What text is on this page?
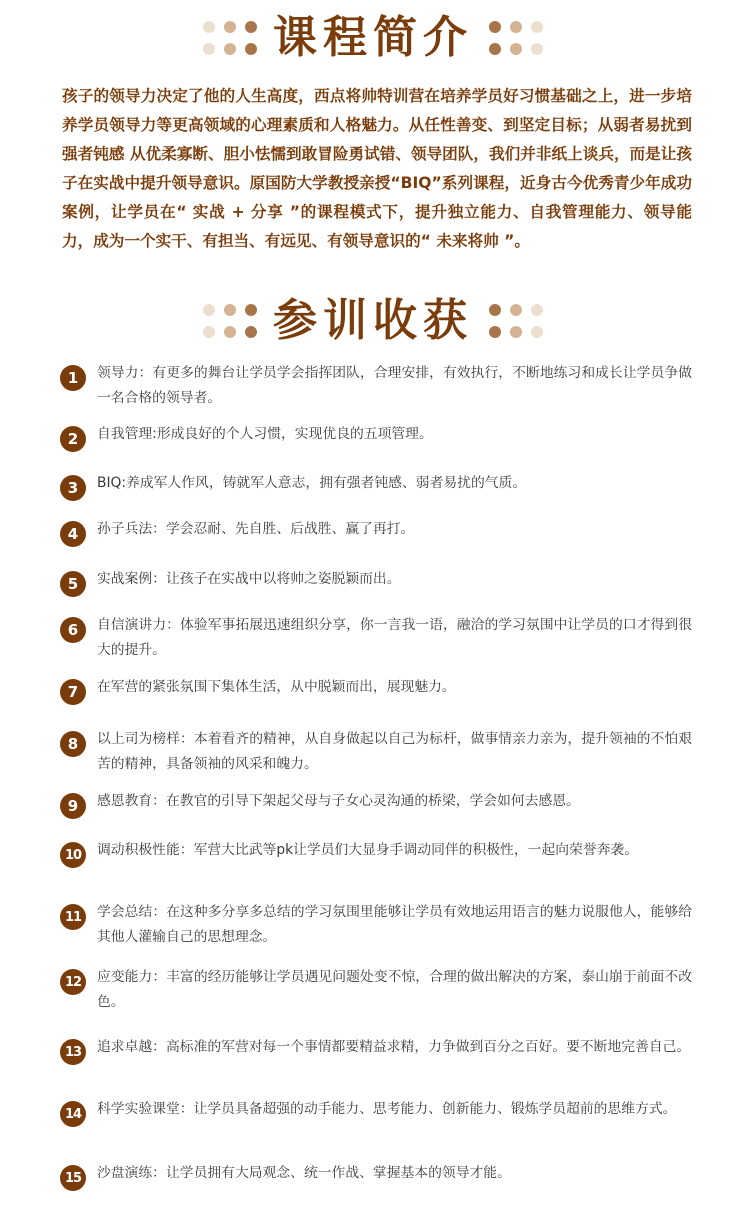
课程简介

孩子的领导力决定了他的人生高度，西点将帅特训营在培养学员好习惯基础之上，进一步培养学员领导力等更高领域的心理素质和人格魅力。从任性善变、到坚定目标；从弱者易扰到强者钝感 从优柔寡断、胆小怯懦到敢冒险勇试错、领导团队，我们并非纸上谈兵，而是让孩子在实战中提升领导意识。原国防大学教授亲授“BIQ”系列课程，近身古今优秀青少年成功案例，让学员在“ 实战 + 分享 ”的课程模式下，提升独立能力、自我管理能力、领导能力，成为一个实干、有担当、有远见、有领导意识的“ 未来将帅 ”。

参训收获
1	领导力：有更多的舞台让学员学会指挥团队，合理安排，有效执行，不断地练习和成长让学员争做一名合格的领导者。
2	自我管理:形成良好的个人习惯，实现优良的五项管理。
3	BIQ:养成军人作风，铸就军人意志，拥有强者钝感、弱者易扰的气质。
4	孙子兵法：学会忍耐、先自胜、后战胜、赢了再打。
5	实战案例：让孩子在实战中以将帅之姿脱颖而出。
6	自信演讲力：体验军事拓展迅速组织分享，你一言我一语，融洽的学习氛围中让学员的口才得到很大的提升。
7	在军营的紧张氛围下集体生活，从中脱颖而出，展现魅力。
8	以上司为榜样：本着看齐的精神，从自身做起以自己为标杆，做事情亲力亲为，提升领袖的不怕艰苦的精神，具备领袖的风采和魄力。
9	感恩教育：在教官的引导下架起父母与子女心灵沟通的桥梁，学会如何去感恩。
10	调动积极性能：军营大比武等pk让学员们大显身手调动同伴的积极性，一起向荣誉奔袭。
11	学会总结：在这种多分享多总结的学习氛围里能够让学员有效地运用语言的魅力说服他人，能够给其他人灌输自己的思想理念。
12	应变能力：丰富的经历能够让学员遇见问题处变不惊，合理的做出解决的方案，泰山崩于前面不改色。
13	追求卓越：高标准的军营对每一个事情都要精益求精，力争做到百分之百好。要不断地完善自己。
14	科学实验课堂：让学员具备超强的动手能力、思考能力、创新能力、锻炼学员超前的思维方式。
15	沙盘演练：让学员拥有大局观念、统一作战、掌握基本的领导才能。
